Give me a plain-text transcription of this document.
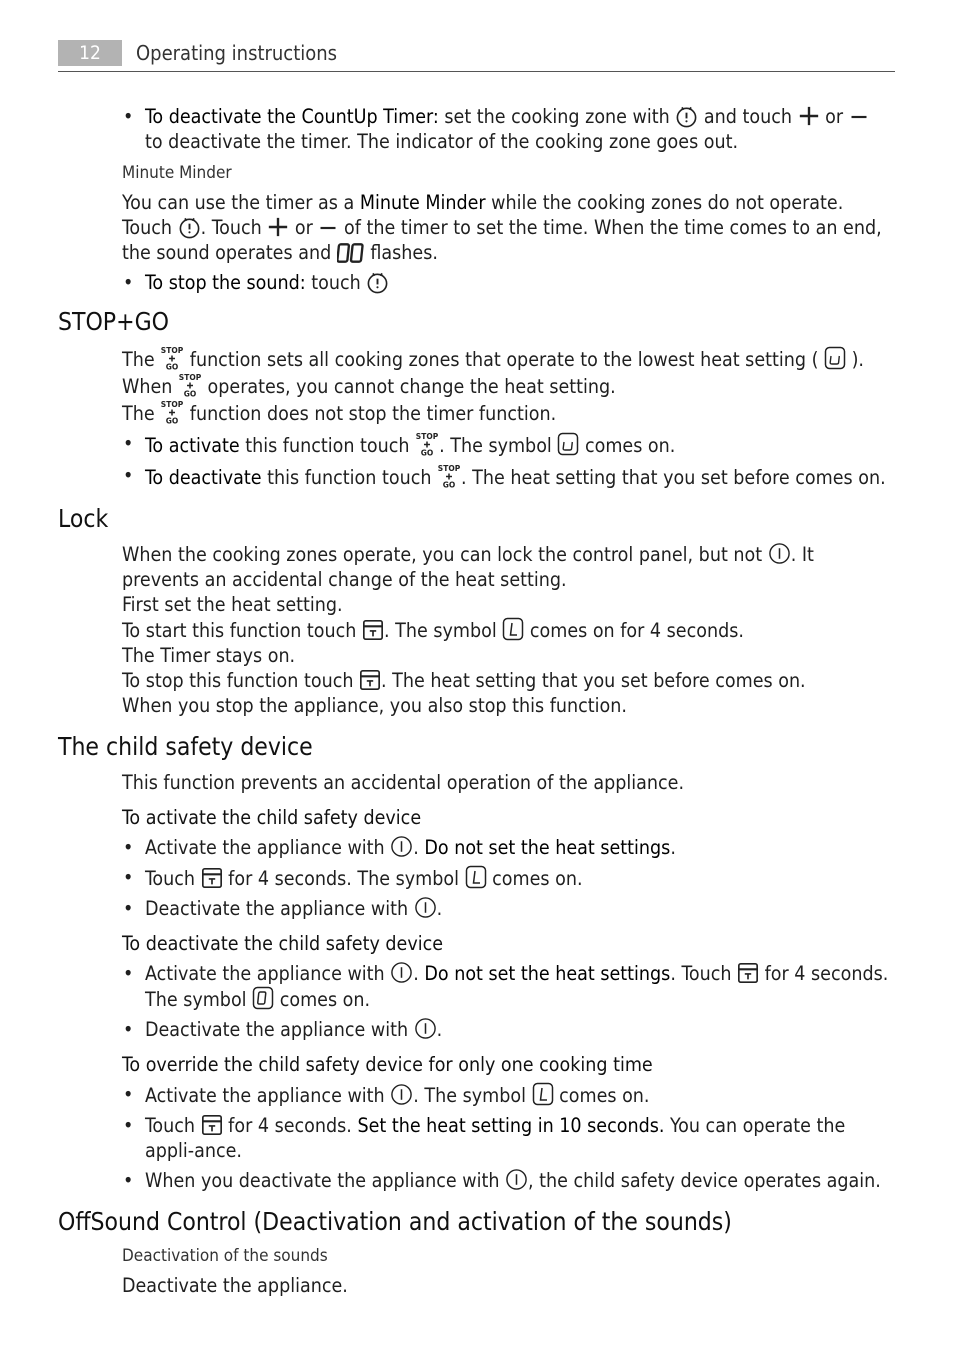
12	Operating instructions
• To deactivate the CountUp Timer: set the cooking zone with  and touch  or  to deactivate the timer. The indicator of the cooking zone goes out.
Minute Minder
You can use the timer as a Minute Minder while the cooking zones do not operate. Touch . Touch  or  of the timer to set the time. When the time comes to an end, the sound operates and  flashes.
• To stop the sound: touch
STOP+GO
The  function sets all cooking zones that operate to the lowest heat setting (  ).
When  operates, you cannot change the heat setting.
The  function does not stop the timer function.
• To activate this function touch . The symbol  comes on.
• To deactivate this function touch . The heat setting that you set before comes on.
Lock
When the cooking zones operate, you can lock the control panel, but not . It prevents an accidental change of the heat setting.
First set the heat setting.
To start this function touch . The symbol  comes on for 4 seconds.
The Timer stays on.
To stop this function touch . The heat setting that you set before comes on.
When you stop the appliance, you also stop this function.
The child safety device
This function prevents an accidental operation of the appliance.
To activate the child safety device
• Activate the appliance with . Do not set the heat settings.
• Touch  for 4 seconds. The symbol  comes on.
• Deactivate the appliance with .
To deactivate the child safety device
• Activate the appliance with . Do not set the heat settings. Touch  for 4 seconds. The symbol  comes on.
• Deactivate the appliance with .
To override the child safety device for only one cooking time
• Activate the appliance with . The symbol  comes on.
• Touch  for 4 seconds. Set the heat setting in 10 seconds. You can operate the appli-ance.
• When you deactivate the appliance with , the child safety device operates again.
OffSound Control (Deactivation and activation of the sounds)
Deactivation of the sounds
Deactivate the appliance.
